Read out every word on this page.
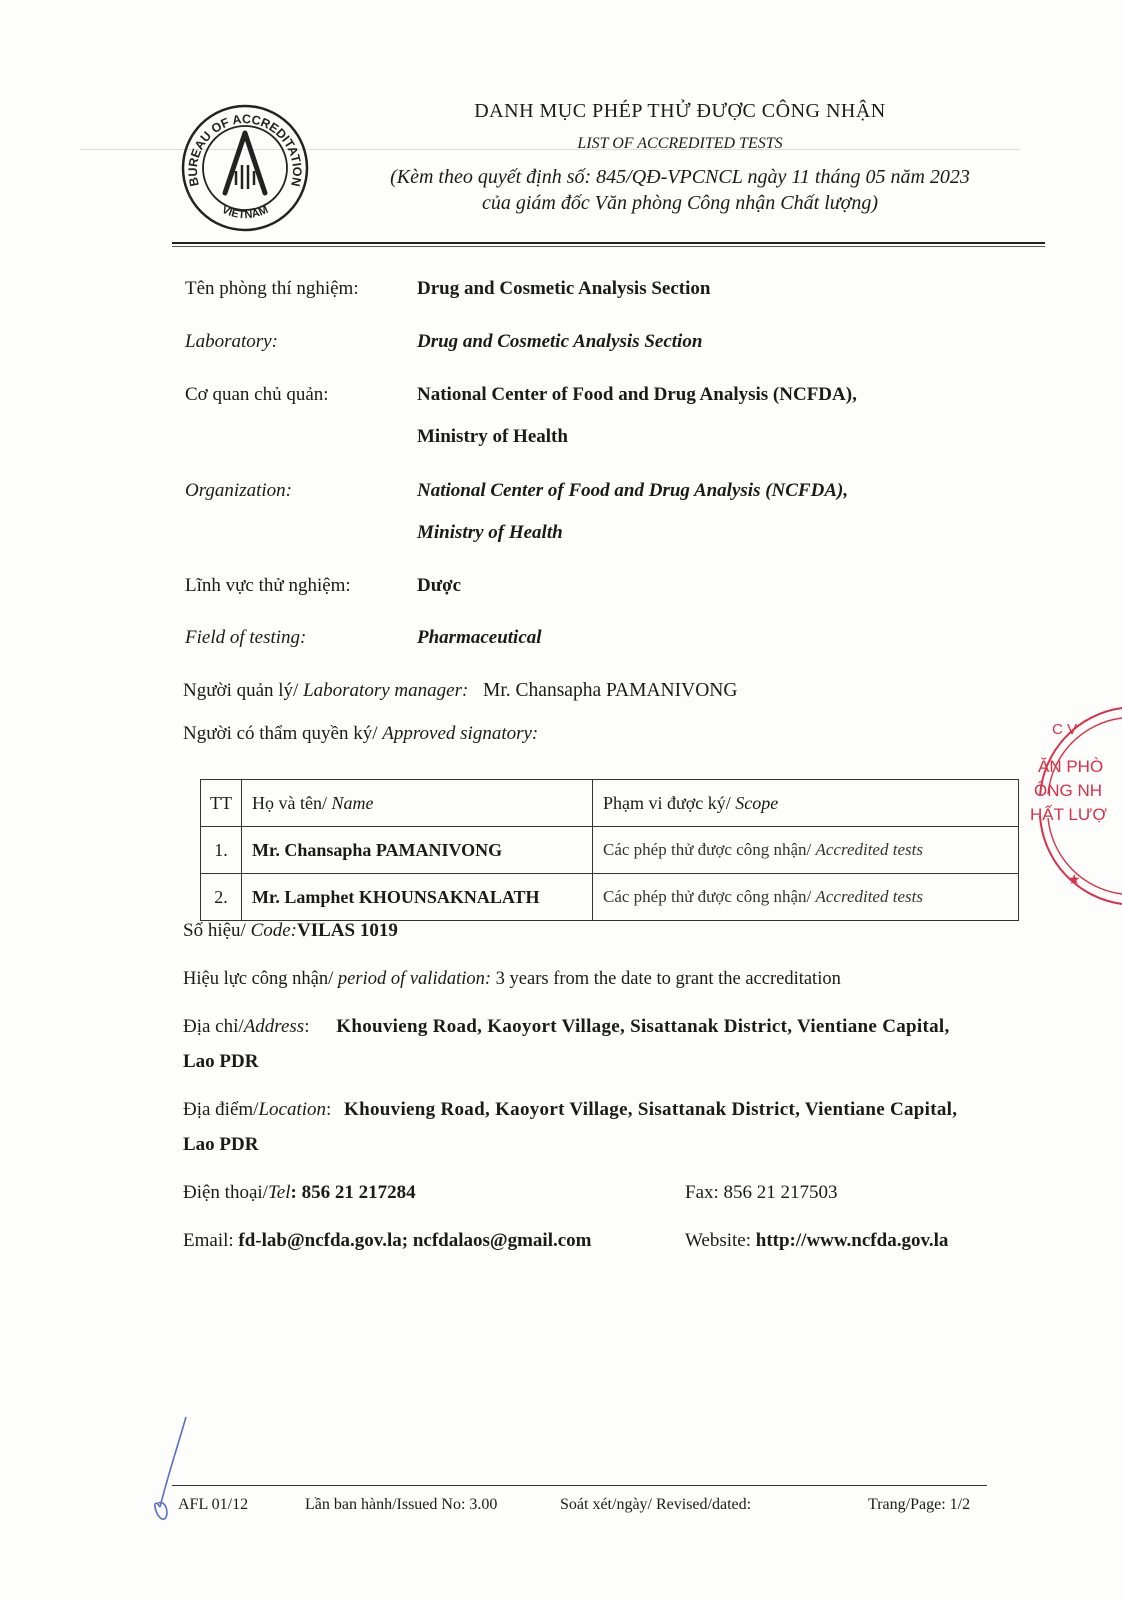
BUREAU OF ACCREDITATION
VIETNAM
DANH MỤC PHÉP THỬ ĐƯỢC CÔNG NHẬN
LIST OF ACCREDITED TESTS
(Kèm theo quyết định số: 845/QĐ-VPCNCL ngày 11 tháng 05 năm 2023
của giám đốc Văn phòng Công nhận Chất lượng)
Tên phòng thí nghiệm:	Drug and Cosmetic Analysis Section
Laboratory:	Drug and Cosmetic Analysis Section
Cơ quan chủ quản:	National Center of Food and Drug Analysis (NCFDA),
Ministry of Health
Organization:	National Center of Food and Drug Analysis (NCFDA),
Ministry of Health
Lĩnh vực thử nghiệm:	Dược
Field of testing:	Pharmaceutical
Người quản lý/ Laboratory manager: Mr. Chansapha PAMANIVONG
Người có thẩm quyền ký/ Approved signatory:
TT	Họ và tên/ Name	Phạm vi được ký/ Scope
1.	Mr. Chansapha PAMANIVONG	Các phép thử được công nhận/ Accredited tests
2.	Mr. Lamphet KHOUNSAKNALATH	Các phép thử được công nhận/ Accredited tests
Số hiệu/ Code:VILAS 1019
Hiệu lực công nhận/ period of validation: 3 years from the date to grant the accreditation
Địa chỉ/Address: Khouvieng Road, Kaoyort Village, Sisattanak District, Vientiane Capital,
Lao PDR
Địa điểm/Location: Khouvieng Road, Kaoyort Village, Sisattanak District, Vientiane Capital,
Lao PDR
Điện thoại/Tel: 856 21 217284	Fax: 856 21 217503
Email: fd-lab@ncfda.gov.la; ncfdalaos@gmail.com	Website: http://www.ncfda.gov.la
C V
ĂN PHÒ
ÔNG NH
HẤT LƯỢ
★
AFL 01/12	Lần ban hành/Issued No: 3.00	Soát xét/ngày/ Revised/dated:	Trang/Page: 1/2
